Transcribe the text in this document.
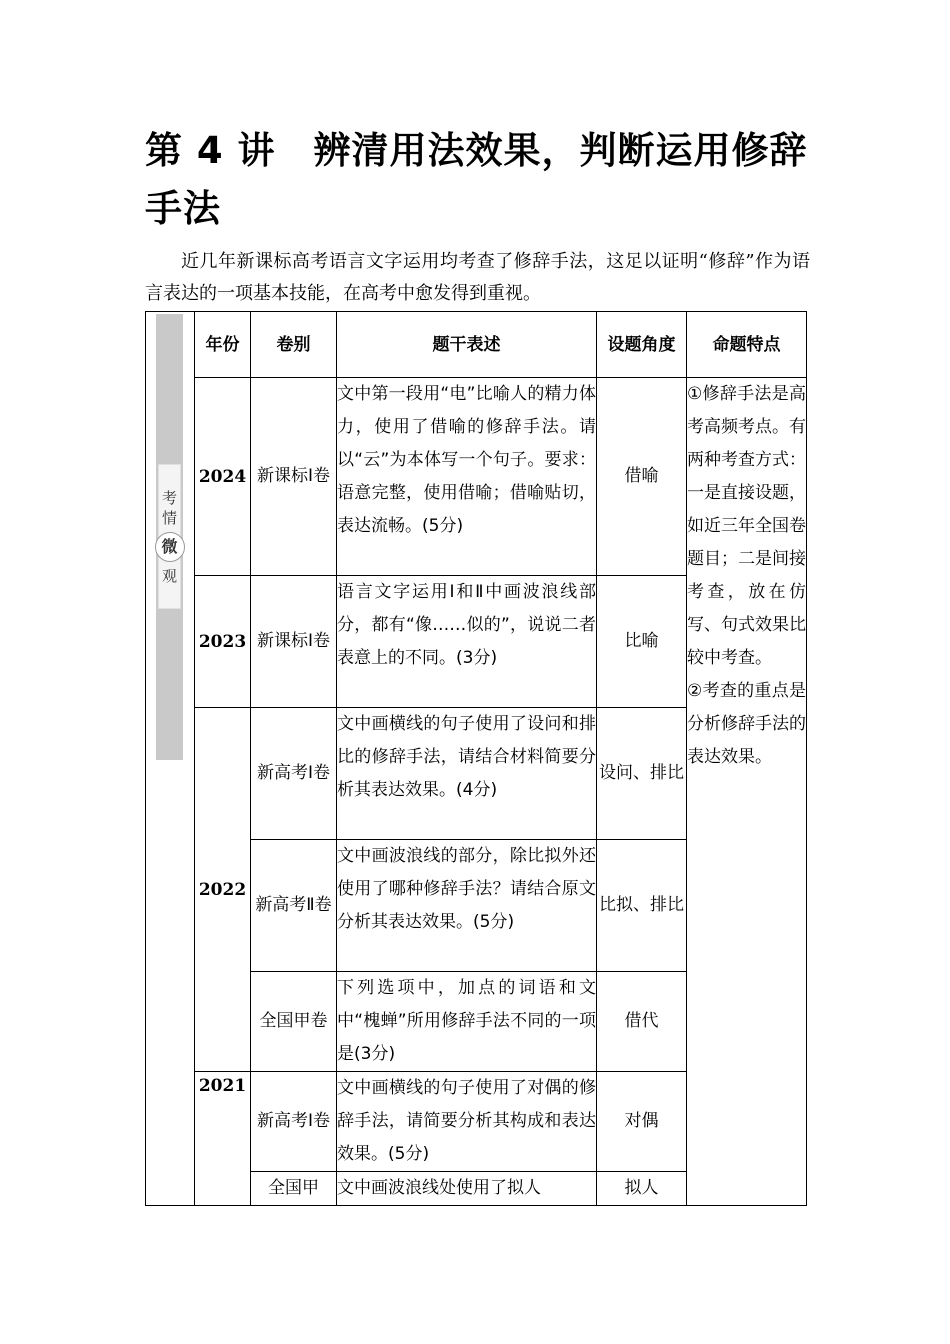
第 4 讲 辨清用法效果，判断运用修辞手法

近几年新课标高考语言文字运用均考查了修辞手法，这足以证明“修辞”作为语言表达的一项基本技能，在高考中愈发得到重视。

	年份	卷别	题干表述	设题角度	命题特点
	2024	新课标Ⅰ卷	文中第一段用“电”比喻人的精力体力，使用了借喻的修辞手法。请以“云”为本体写一个句子。要求：语意完整，使用借喻；借喻贴切，表达流畅。(5分)	借喻	①修辞手法是高考高频考点。有两种考查方式：一是直接设题，如近三年全国卷题目；二是间接考查，放在仿写、句式效果比较中考查。
②考查的重点是分析修辞手法的表达效果。

	2023	新课标Ⅰ卷	语言文字运用Ⅰ和Ⅱ中画波浪线部分，都有“像……似的”，说说二者表意上的不同。(3分)	比喻	
	2022	新高考Ⅰ卷	文中画横线的句子使用了设问和排比的修辞手法，请结合材料简要分析其表达效果。(4分)	设问、排比	
		新高考Ⅱ卷	文中画波浪线的部分，除比拟外还使用了哪种修辞手法？请结合原文分析其表达效果。(5分)	比拟、排比	
		全国甲卷	下列选项中，加点的词语和文中“槐蝉”所用修辞手法不同的一项是(3分)	借代	
	2021	新高考Ⅰ卷	文中画横线的句子使用了对偶的修辞手法，请简要分析其构成和表达效果。(5分)	对偶	
		全国甲	文中画波浪线处使用了拟人	拟人	
考
情
微
观
